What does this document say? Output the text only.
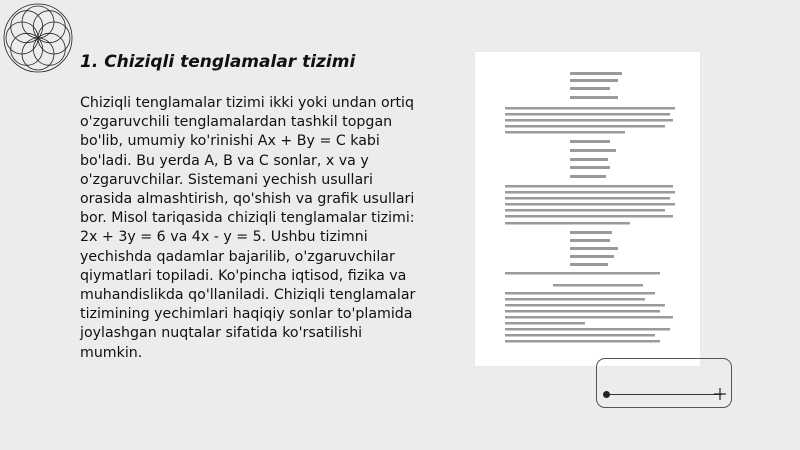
1. Chiziqli tenglamalar tizimi

Chiziqli tenglamalar tizimi ikki yoki undan ortiq o'zgaruvchili tenglamalardan tashkil topgan bo'lib, umumiy ko'rinishi Ax + By = C kabi bo'ladi. Bu yerda A, B va C sonlar, x va y o'zgaruvchilar. Sistemani yechish usullari orasida almashtirish, qo'shish va grafik usullari bor. Misol tariqasida chiziqli tenglamalar tizimi: 2x + 3y = 6 va 4x - y = 5. Ushbu tizimni yechishda qadamlar bajarilib, o'zgaruvchilar qiymatlari topiladi. Ko'pincha iqtisod, fizika va muhandislikda qo'llaniladi. Chiziqli tenglamalar tizimining yechimlari haqiqiy sonlar to'plamida joylashgan nuqtalar sifatida ko'rsatilishi mumkin.
